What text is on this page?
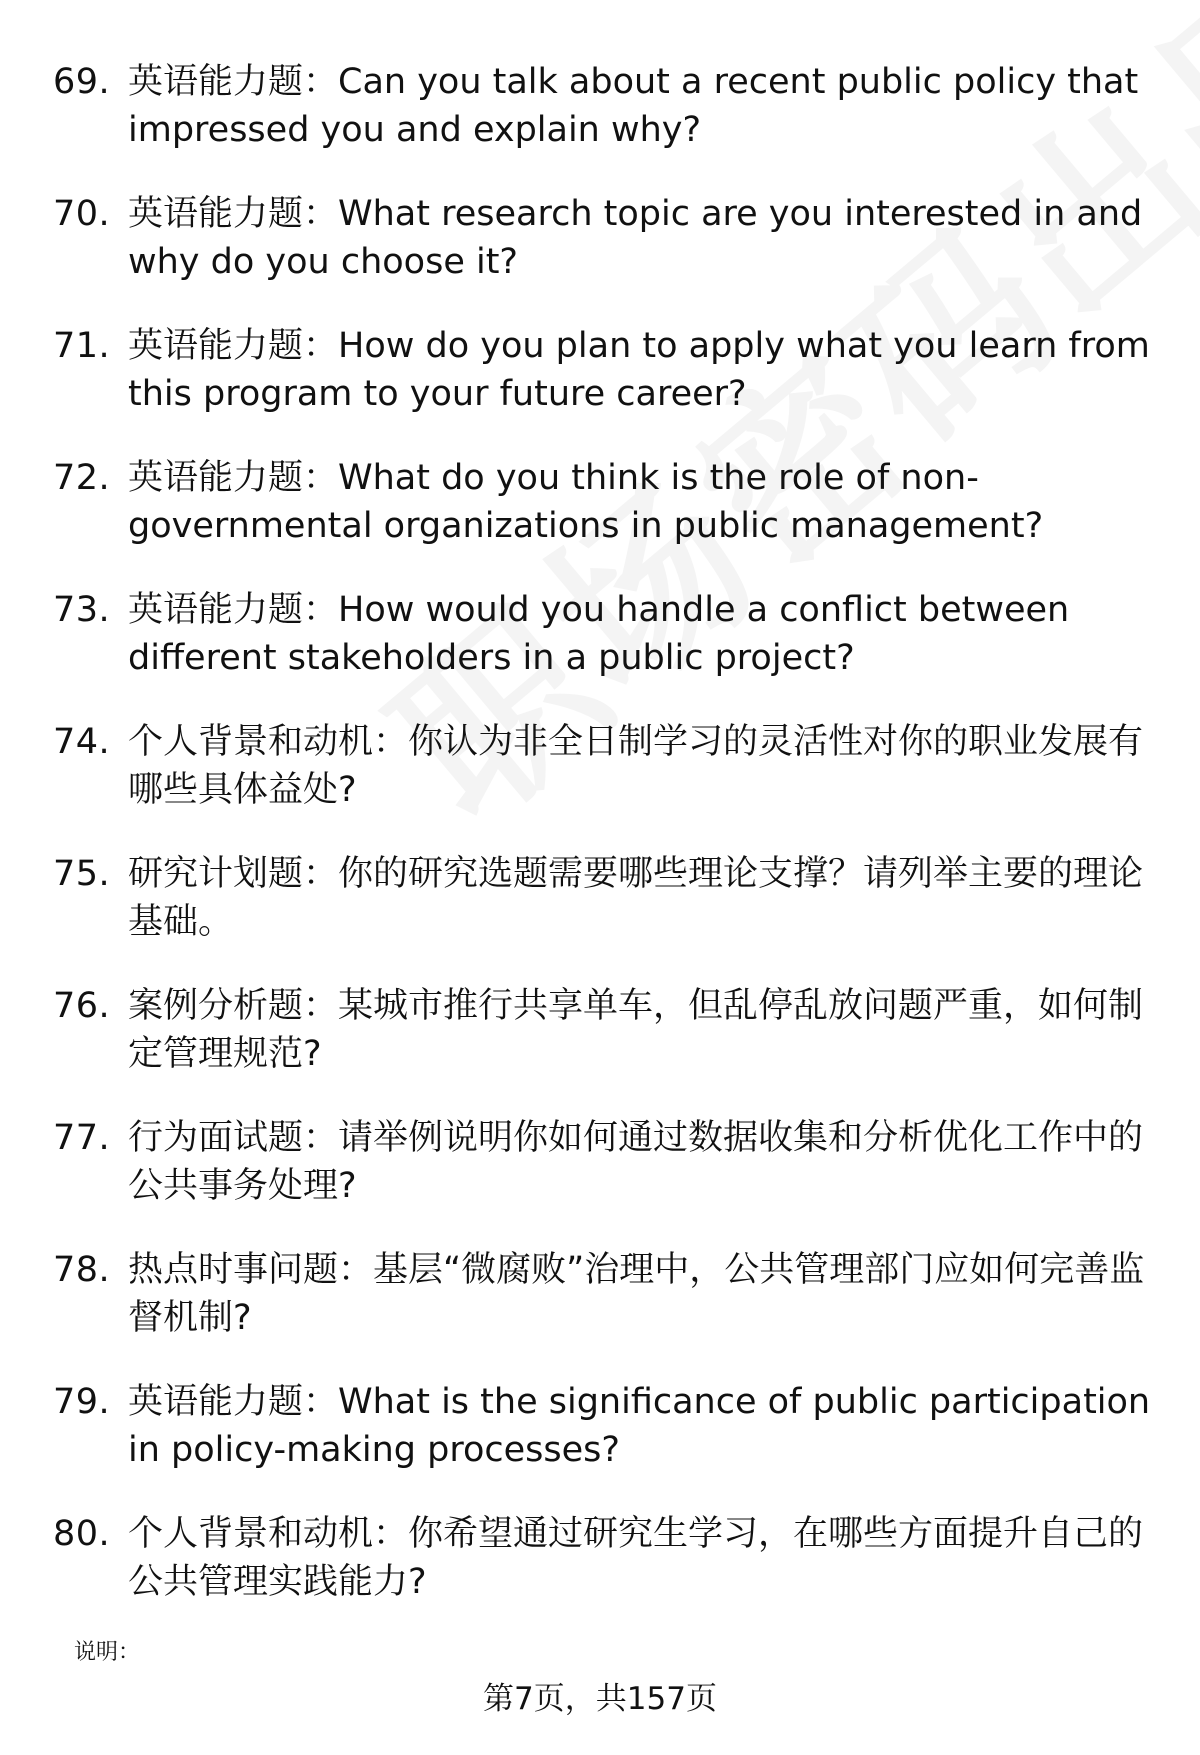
69. 英语能力题：Can you talk about a recent public policy that impressed you and explain why?
70. 英语能力题：What research topic are you interested in and why do you choose it?
71. 英语能力题：How do you plan to apply what you learn from this program to your future career?
72. 英语能力题：What do you think is the role of non-governmental organizations in public management?
73. 英语能力题：How would you handle a conflict between different stakeholders in a public project?
74. 个人背景和动机：你认为非全日制学习的灵活性对你的职业发展有哪些具体益处?
75. 研究计划题：你的研究选题需要哪些理论支撑？请列举主要的理论基础。
76. 案例分析题：某城市推行共享单车，但乱停乱放问题严重，如何制定管理规范?
77. 行为面试题：请举例说明你如何通过数据收集和分析优化工作中的公共事务处理?
78. 热点时事问题：基层“微腐败”治理中，公共管理部门应如何完善监督机制?
79. 英语能力题：What is the significance of public participation in policy-making processes?
80. 个人背景和动机：你希望通过研究生学习，在哪些方面提升自己的公共管理实践能力?
说明：
第7页，共157页
